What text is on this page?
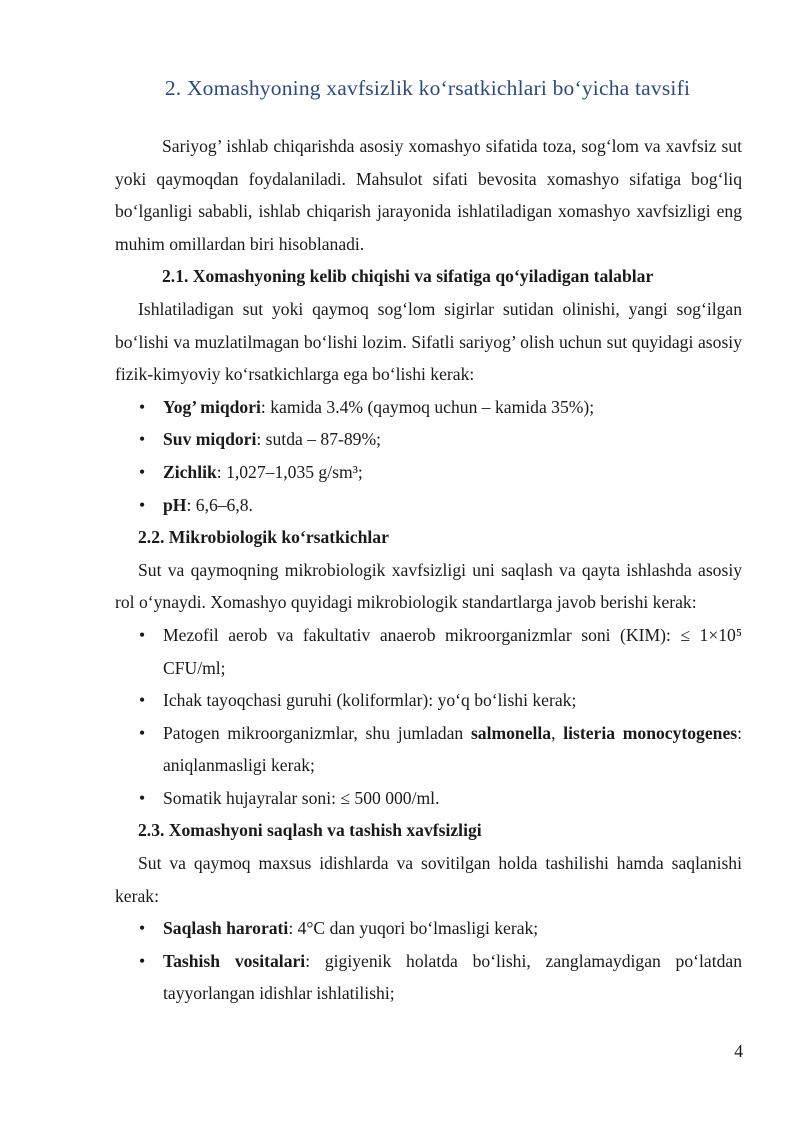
2. Xomashyoning xavfsizlik ko‘rsatkichlari bo‘yicha tavsifi

Sariyog’ ishlab chiqarishda asosiy xomashyo sifatida toza, sog‘lom va xavfsiz sut yoki qaymoqdan foydalaniladi. Mahsulot sifati bevosita xomashyo sifatiga bog‘liq bo‘lganligi sababli, ishlab chiqarish jarayonida ishlatiladigan xomashyo xavfsizligi eng muhim omillardan biri hisoblanadi.

2.1. Xomashyoning kelib chiqishi va sifatiga qo‘yiladigan talablar

Ishlatiladigan sut yoki qaymoq sog‘lom sigirlar sutidan olinishi, yangi sog‘ilgan bo‘lishi va muzlatilmagan bo‘lishi lozim. Sifatli sariyog’ olish uchun sut quyidagi asosiy fizik-kimyoviy ko‘rsatkichlarga ega bo‘lishi kerak:

• Yog’ miqdori: kamida 3.4% (qaymoq uchun – kamida 35%);
• Suv miqdori: sutda – 87-89%;
• Zichlik: 1,027–1,035 g/sm³;
• pH: 6,6–6,8.

2.2. Mikrobiologik ko‘rsatkichlar

Sut va qaymoqning mikrobiologik xavfsizligi uni saqlash va qayta ishlashda asosiy rol o‘ynaydi. Xomashyo quyidagi mikrobiologik standartlarga javob berishi kerak:

• Mezofil aerob va fakultativ anaerob mikroorganizmlar soni (KIM): ≤ 1×10⁵ CFU/ml;
• Ichak tayoqchasi guruhi (koliformlar): yo‘q bo‘lishi kerak;
• Patogen mikroorganizmlar, shu jumladan salmonella, listeria monocytogenes: aniqlanmasligi kerak;
• Somatik hujayralar soni: ≤ 500 000/ml.

2.3. Xomashyoni saqlash va tashish xavfsizligi

Sut va qaymoq maxsus idishlarda va sovitilgan holda tashilishi hamda saqlanishi kerak:

• Saqlash harorati: 4°C dan yuqori bo‘lmasligi kerak;
• Tashish vositalari: gigiyenik holatda bo‘lishi, zanglamaydigan po‘latdan tayyorlangan idishlar ishlatilishi;
4
